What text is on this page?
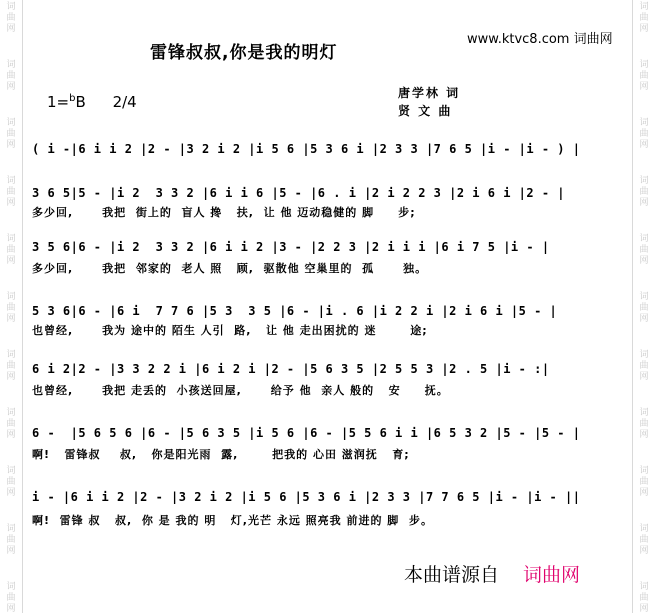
词
曲
网
词
曲
网
词
曲
网
词
曲
网
词
曲
网
词
曲
网
词
曲
网
词
曲
网
词
曲
网
词
曲
网
词
曲
网
词
曲
网
词
曲
网
词
曲
网
词
曲
网
词
曲
网
词
曲
网
词
曲
网
词
曲
网
词
曲
网
词
曲
网
词
曲
网
雷锋叔叔,你是我的明灯
www.ktvc8.com 词曲网
1=$^b$B 2/4	唐学林 词
贤 文 曲
( i -|6 i i 2 |2 - |3 2 i 2 |i 5 6 |5 3 6 i |2 3 3 |7 6 5 |i - |i - ) |
3 6 5|5 - |i 2  3 3 2 |6 i i 6 |5 - |6 . i |2 i 2 2 3 |2 i 6 i |2 - |
多少回,      我把  街上的  盲人 搀   扶,  让 他 迈动稳健的 脚     步;
3 5 6|6 - |i 2  3 3 2 |6 i i 2 |3 - |2 2 3 |2 i i i |6 i 7 5 |i - |
多少回,      我把  邻家的  老人 照   顾,  驱散他 空巢里的  孤      独。
5 3 6|6 - |6 i  7 7 6 |5 3  3 5 |6 - |i . 6 |i 2 2 i |2 i 6 i |5 - |
也曾经,      我为 途中的 陌生 人引  路,   让 他 走出困扰的 迷       途;
6 i 2|2 - |3 3 2 2 i |6 i 2 i |2 - |5 6 3 5 |2 5 5 3 |2 . 5 |i - :|
也曾经,      我把 走丢的  小孩送回屋,      给予 他  亲人 般的   安     抚。
6 -  |5 6 5 6 |6 - |5 6 3 5 |i 5 6 |6 - |5 5 6 i i |6 5 3 2 |5 - |5 - |
啊!   雷锋叔    叔,   你是阳光雨  露,       把我的 心田 滋润抚   育;
i - |6 i i 2 |2 - |3 2 i 2 |i 5 6 |5 3 6 i |2 3 3 |7 7 6 5 |i - |i - ||
啊!  雷锋 叔   叔,  你 是 我的 明   灯,光芒 永远 照亮我 前进的 脚  步。
本曲谱源自 词曲网
